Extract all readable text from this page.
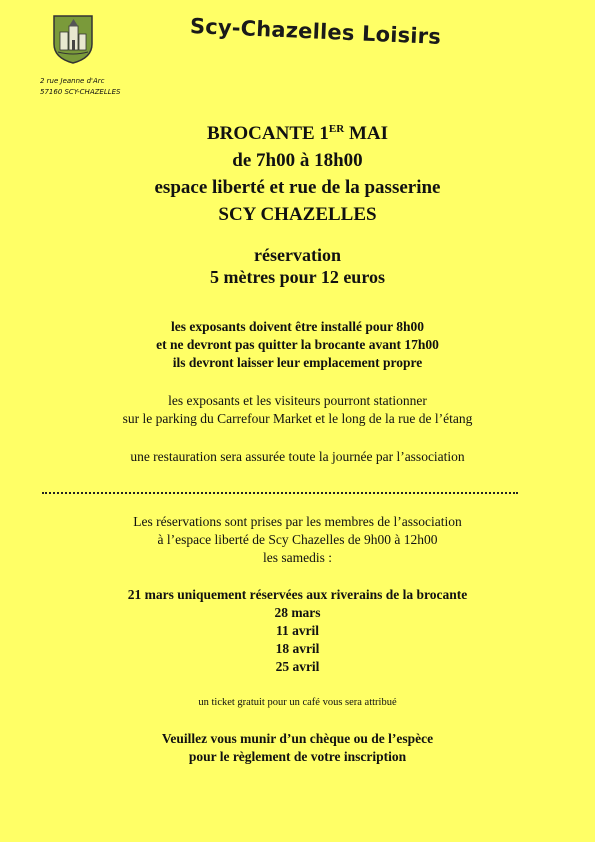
Scy-Chazelles Loisirs
2 rue Jeanne d'Arc
57160 SCY-CHAZELLES
BROCANTE 1ER MAI
de 7h00 à 18h00
espace liberté et rue de la passerine
SCY CHAZELLES
réservation
5 mètres pour 12 euros
les exposants doivent être installé pour 8h00
et ne devront pas quitter la brocante avant 17h00
ils devront laisser leur emplacement propre
les exposants et les visiteurs pourront stationner
sur le parking du Carrefour Market et le long de la rue de l’étang
une restauration sera assurée toute la journée par l’association
Les réservations sont prises par les membres de l’association
à l’espace liberté de Scy Chazelles de 9h00 à 12h00
les samedis :
21 mars uniquement réservées aux riverains de la brocante
28 mars
11 avril
18 avril
25 avril
un ticket gratuit pour un café vous sera attribué
Veuillez vous munir d’un chèque ou de l’espèce
pour le règlement de votre inscription
